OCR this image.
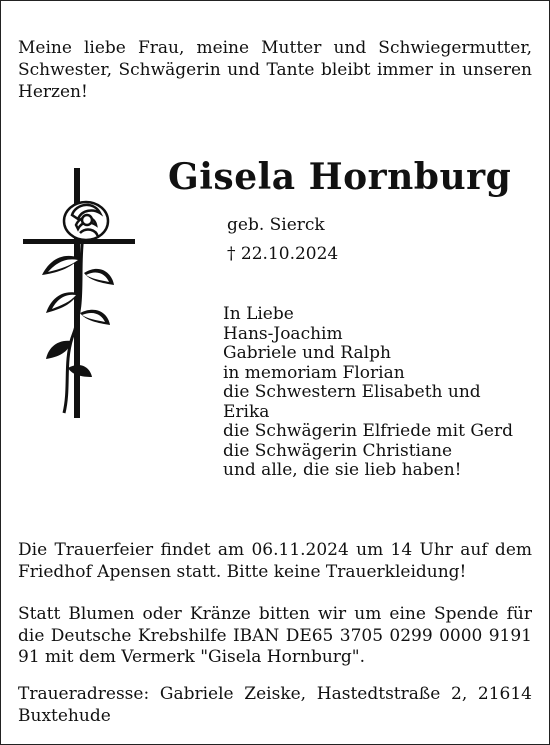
Meine liebe Frau, meine Mutter und Schwiegermutter, Schwester, Schwägerin und Tante bleibt immer in unseren Herzen!

Gisela Hornburg
geb. Sierck
† 22.10.2024
In Liebe
Hans-Joachim
Gabriele und Ralph
in memoriam Florian
die Schwestern Elisabeth und
Erika
die Schwägerin Elfriede mit Gerd
die Schwägerin Christiane
und alle, die sie lieb haben!

Die Trauerfeier findet am 06.11.2024 um 14 Uhr auf dem Friedhof Apensen statt. Bitte keine Trauerkleidung!

Statt Blumen oder Kränze bitten wir um eine Spende für die Deutsche Krebshilfe IBAN DE65 3705 0299 0000 9191 91 mit dem Vermerk "Gisela Hornburg".

Traueradresse: Gabriele Zeiske, Hastedtstraße 2, 21614 Buxtehude
